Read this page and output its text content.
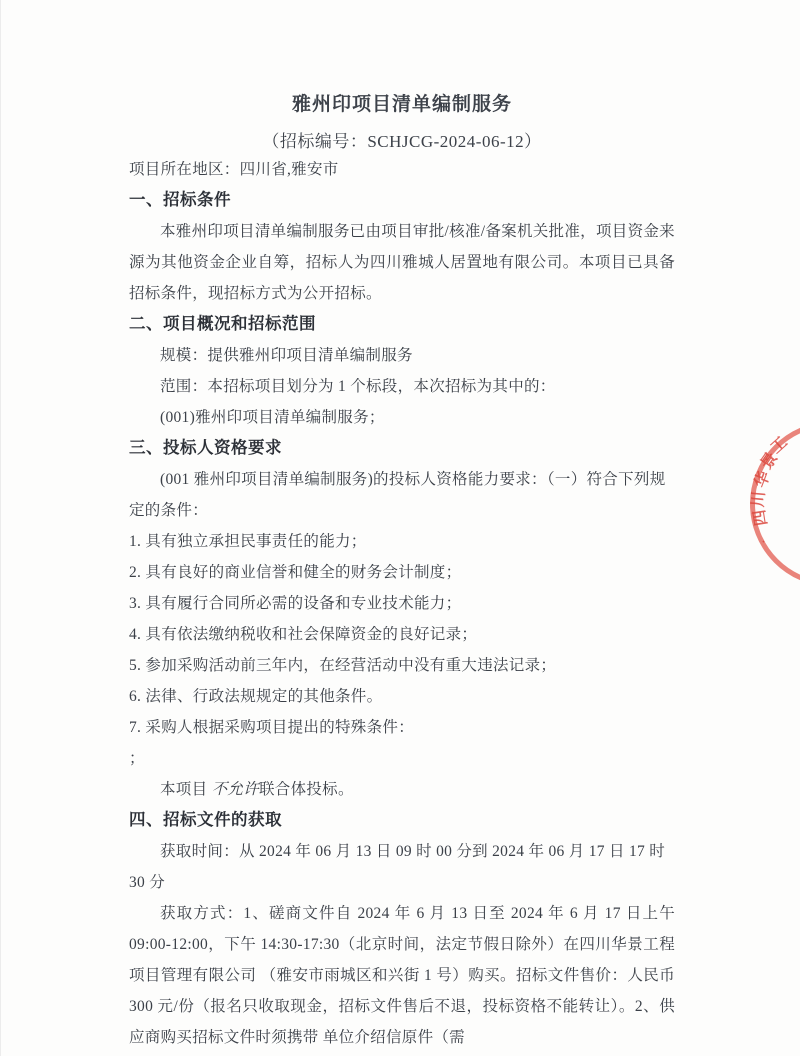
雅州印项目清单编制服务
（招标编号：SCHJCG-2024-06-12）

项目所在地区：四川省,雅安市

一、招标条件

本雅州印项目清单编制服务已由项目审批/核准/备案机关批准，项目资金来源为其他资金企业自筹，招标人为四川雅城人居置地有限公司。本项目已具备招标条件，现招标方式为公开招标。

二、项目概况和招标范围

规模：提供雅州印项目清单编制服务

范围：本招标项目划分为 1 个标段，本次招标为其中的：

(001)雅州印项目清单编制服务；

三、投标人资格要求

(001 雅州印项目清单编制服务)的投标人资格能力要求：（一）符合下列规定的条件：

1. 具有独立承担民事责任的能力；

2. 具有良好的商业信誉和健全的财务会计制度；

3. 具有履行合同所必需的设备和专业技术能力；

4. 具有依法缴纳税收和社会保障资金的良好记录；

5. 参加采购活动前三年内，在经营活动中没有重大违法记录；

6. 法律、行政法规规定的其他条件。

7. 采购人根据采购项目提出的特殊条件：

；

本项目 不允许联合体投标。

四、招标文件的获取

获取时间：从 2024 年 06 月 13 日 09 时 00 分到 2024 年 06 月 17 日 17 时 30 分

获取方式：1、磋商文件自 2024 年 6 月 13 日至 2024 年 6 月 17 日上午 09:00-12:00，下午 14:30-17:30（北京时间，法定节假日除外）在四川华景工程项目管理有限公司 （雅安市雨城区和兴街 1 号）购买。招标文件售价：人民币 300 元/份（报名只收取现金，招标文件售后不退，投标资格不能转让）。2、供应商购买招标文件时须携带 单位介绍信原件（需

工
景
华
川
四
·
